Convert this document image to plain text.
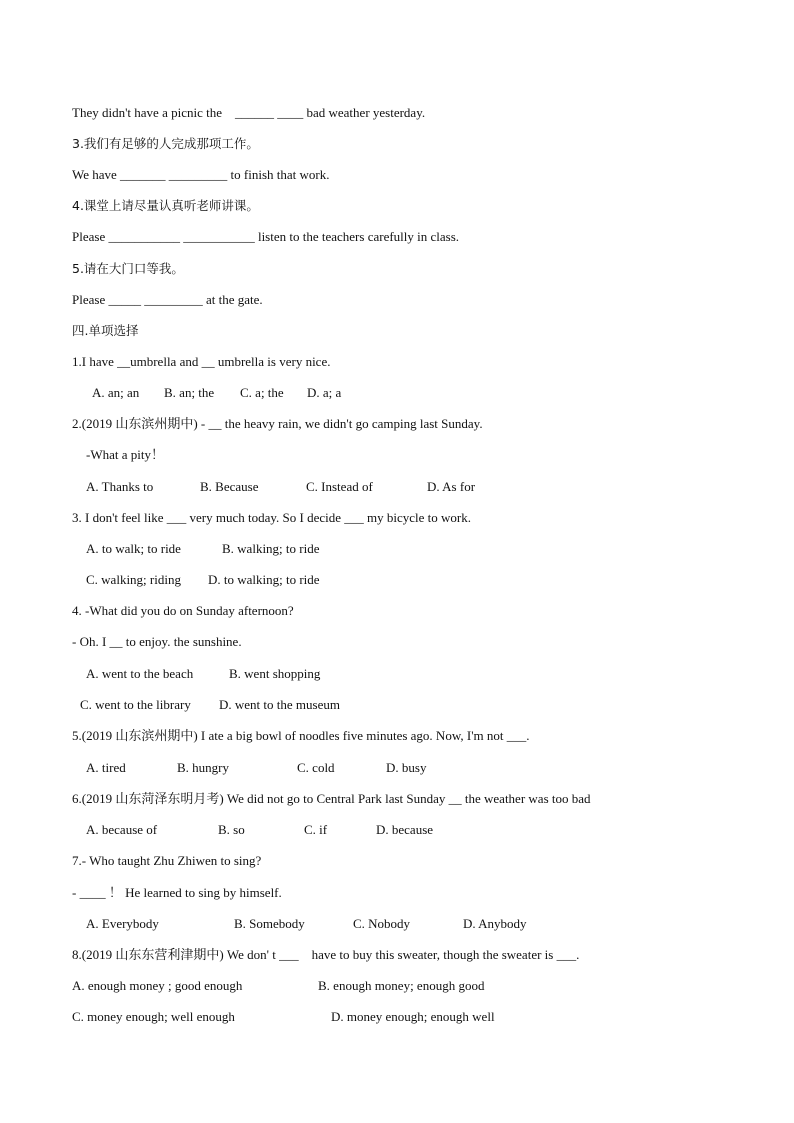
They didn't have a picnic the    ______ ____ bad weather yesterday.
3.我们有足够的人完成那项工作。
We have _______ _________ to finish that work.
4.课堂上请尽量认真听老师讲课。
Please ___________ ___________ listen to the teachers carefully in class.
5.请在大门口等我。
Please _____ _________ at the gate.
四.单项选择
1.I have __umbrella and __ umbrella is very nice.
A. an; an B. an; the C. a; the D. a; a
2.(2019 山东滨州期中) - __ the heavy rain, we didn't go camping last Sunday.
-What a pity！
A. Thanks to	B. Because	C. Instead of	D. As for
3. I don't feel like ___ very much today. So I decide ___ my bicycle to work.
A. to walk; to ride	B. walking; to ride
C. walking; riding D. to walking; to ride
4. -What did you do on Sunday afternoon?
- Oh. I __ to enjoy. the sunshine.
A. went to the beach	B. went shopping
C. went to the library D. went to the museum
5.(2019 山东滨州期中) I ate a big bowl of noodles five minutes ago. Now, I'm not ___.
A. tired	B. hungry	C. cold	D. busy
6.(2019 山东菏泽东明月考) We did not go to Central Park last Sunday __ the weather was too bad
A. because of	B. so	C. if	D. because
7.- Who taught Zhu Zhiwen to sing?
- ____ ！ He learned to sing by himself.
A. Everybody	B. Somebody	C. Nobody	D. Anybody
8.(2019 山东东营利津期中) We don' t ___    have to buy this sweater, though the sweater is ___.
A. enough money ; good enough	B. enough money; enough good
C. money enough; well enough	D. money enough; enough well
